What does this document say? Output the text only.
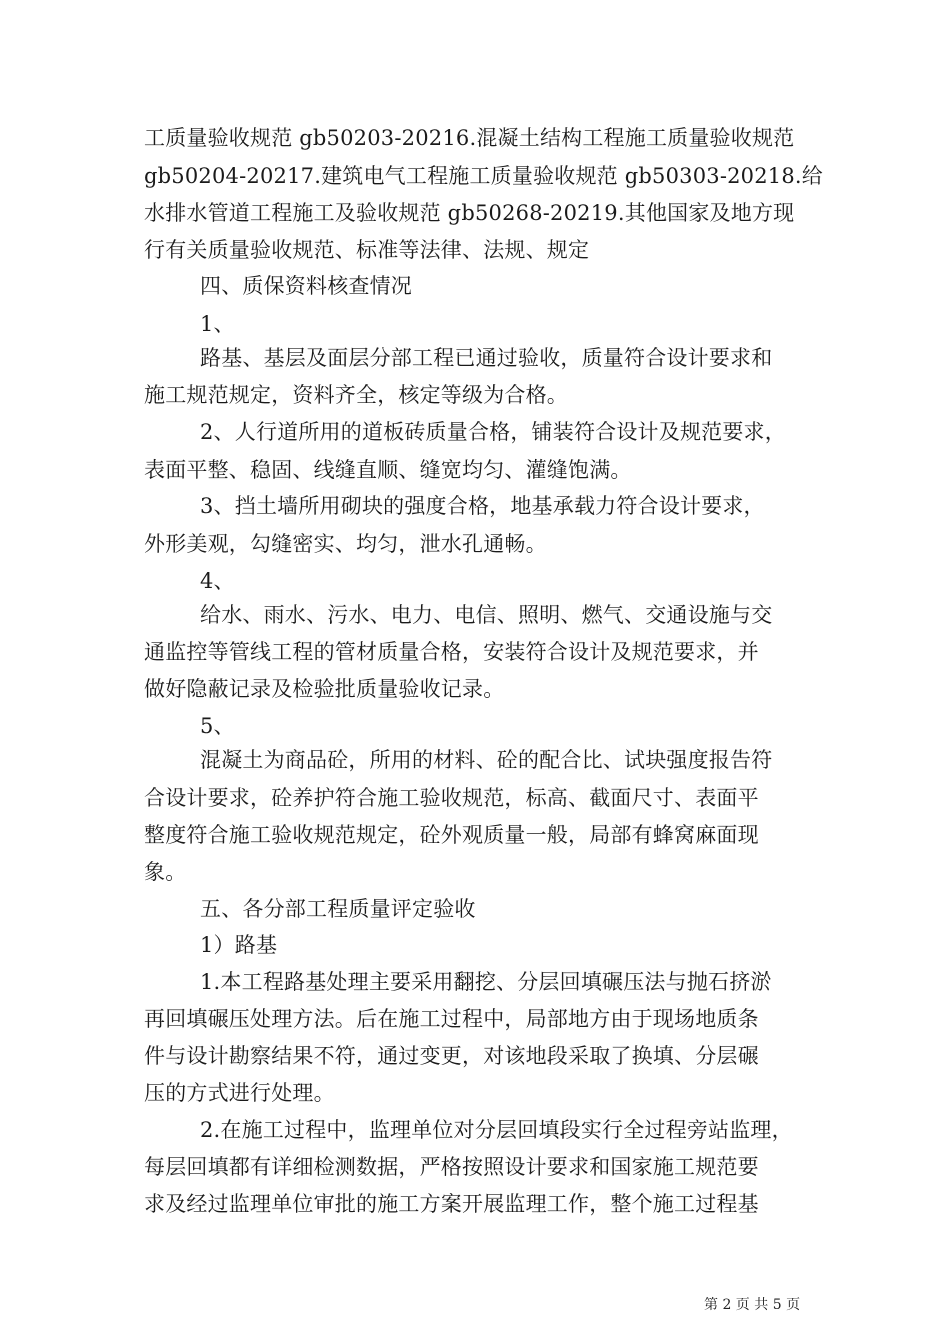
工质量验收规范 gb50203-20216.混凝土结构工程施工质量验收规范
gb50204-20217.建筑电气工程施工质量验收规范 gb50303-20218.给
水排水管道工程施工及验收规范 gb50268-20219.其他国家及地方现
行有关质量验收规范、标准等法律、法规、规定
四、质保资料核查情况
1、
路基、基层及面层分部工程已通过验收，质量符合设计要求和
施工规范规定，资料齐全，核定等级为合格。
2、人行道所用的道板砖质量合格，铺装符合设计及规范要求，
表面平整、稳固、线缝直顺、缝宽均匀、灌缝饱满。
3、挡土墙所用砌块的强度合格，地基承载力符合设计要求，
外形美观，勾缝密实、均匀，泄水孔通畅。
4、
给水、雨水、污水、电力、电信、照明、燃气、交通设施与交
通监控等管线工程的管材质量合格，安装符合设计及规范要求，并
做好隐蔽记录及检验批质量验收记录。
5、
混凝土为商品砼，所用的材料、砼的配合比、试块强度报告符
合设计要求，砼养护符合施工验收规范，标高、截面尺寸、表面平
整度符合施工验收规范规定，砼外观质量一般，局部有蜂窝麻面现
象。
五、各分部工程质量评定验收
1）路基
1.本工程路基处理主要采用翻挖、分层回填碾压法与抛石挤淤
再回填碾压处理方法。后在施工过程中，局部地方由于现场地质条
件与设计勘察结果不符，通过变更，对该地段采取了换填、分层碾
压的方式进行处理。
2.在施工过程中，监理单位对分层回填段实行全过程旁站监理，
每层回填都有详细检测数据，严格按照设计要求和国家施工规范要
求及经过监理单位审批的施工方案开展监理工作，整个施工过程基
第 2 页 共 5 页
